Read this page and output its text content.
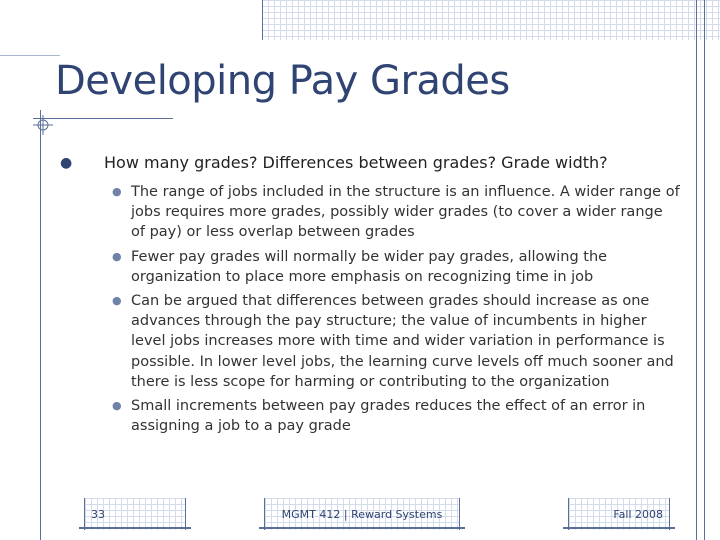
Developing Pay Grades
● How many grades? Differences between grades? Grade width?
● The range of jobs included in the structure is an influence. A wider range of jobs requires more grades, possibly wider grades (to cover a wider range of pay) or less overlap between grades
● Fewer pay grades will normally be wider pay grades, allowing the organization to place more emphasis on recognizing time in job
● Can be argued that differences between grades should increase as one advances through the pay structure; the value of incumbents in higher level jobs increases more with time and wider variation in performance is possible. In lower level jobs, the learning curve levels off much sooner and there is less scope for harming or contributing to the organization
● Small increments between pay grades reduces the effect of an error in assigning a job to a pay grade
33	MGMT 412 | Reward Systems	Fall 2008
